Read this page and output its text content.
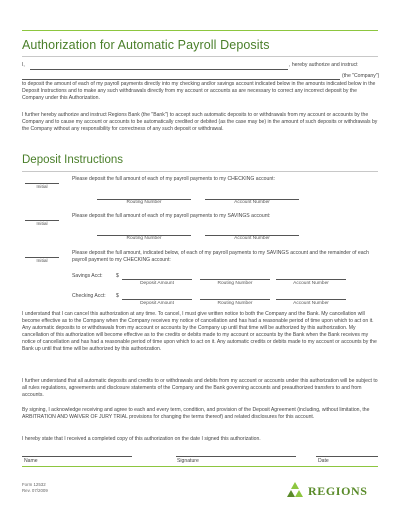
Authorization for Automatic Payroll Deposits
I,	, hereby authorize and instruct
(the "Company")
to deposit the amount of each of my payroll payments directly into my checking and/or savings account indicated below in the amounts indicated below in the Deposit Instructions and to make any such withdrawals directly from my account or accounts as are necessary to correct any incorrect deposit by the Company under this Authorization.
I further hereby authorize and instruct Regions Bank (the "Bank") to accept such automatic deposits to or withdrawals from my account or accounts by the Company and to cause my account or accounts to be automatically credited or debited (as the case may be) in the amount of such deposits or withdrawals by the Company without any responsibility for correctness of any such deposit or withdrawal.
Deposit Instructions
Initial
Please deposit the full amount of each of my payroll payments to my CHECKING account:
Routing Number	Account Number
Initial
Please deposit the full amount of each of my payroll payments to my SAVINGS account:
Routing Number	Account Number
Initial
Please deposit the full amount, indicated below, of each of my payroll payments to my SAVINGS account and the remainder of each payroll payment to my CHECKING account:
Savings Acct:	$
Deposit Amount	Routing Number	Account Number
Checking Acct: $
Deposit Amount	Routing Number	Account Number
I understand that I can cancel this authorization at any time. To cancel, I must give written notice to both the Company and the Bank. My cancellation will become effective as to the Company when the Company receives my notice of cancellation and has had a reasonable period of time upon which to act on it. Any automatic deposits to or withdrawals from my account or accounts by the Company up until that time will be authorized by this authorization. My cancellation of this authorization will become effective as to the credits or debits made to my account or accounts by the Bank when the Bank receives my notice of cancellation and has had a reasonable period of time upon which to act on it. Any automatic credits or debits made to my account or accounts by the Bank up until that time will be authorized by this authorization.
I further understand that all automatic deposits and credits to or withdrawals and debits from my account or accounts under this authorization will be subject to all rules regulations, agreements and disclosure statements of the Company and the Bank governing accounts and preauthorized transfers to and from accounts.
By signing, I acknowledge receiving and agree to each and every term, condition, and provision of the Deposit Agreement (including, without limitation, the ARBITRATION AND WAIVER OF JURY TRIAL provisions for changing the terms thereof) and related disclosures for this account.
I hereby state that I received a completed copy of this authorization on the date I signed this authorization.
Name	Signature	Date
Form 12532
Rev. 07/2009	REGIONS
